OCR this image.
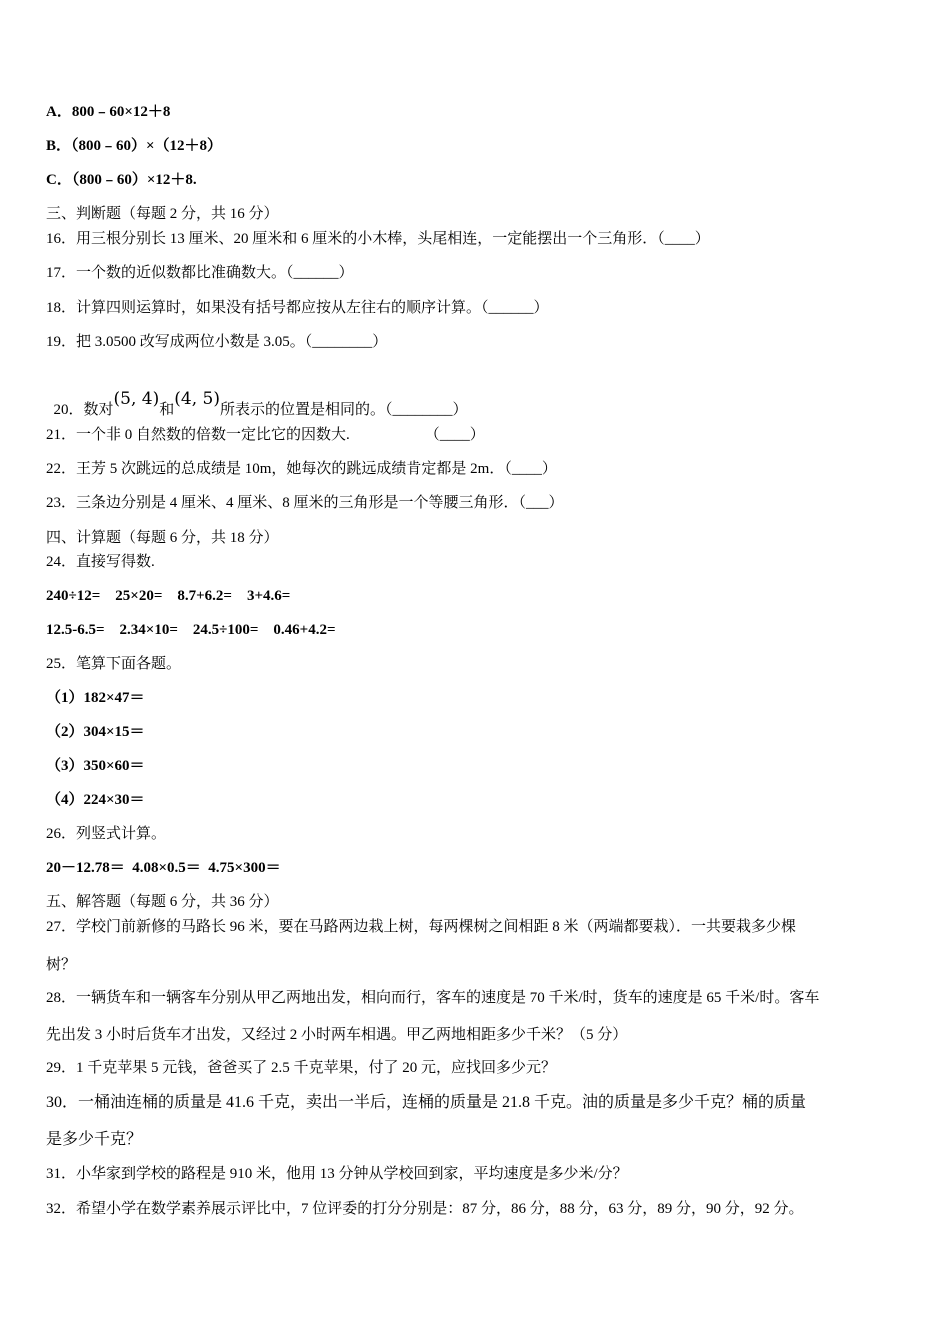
A．800﹣60×12＋8
B．（800﹣60）×（12＋8）
C．（800﹣60）×12＋8.
三、判断题（每题 2 分，共 16 分）
16．用三根分别长 13 厘米、20 厘米和 6 厘米的小木棒，头尾相连，一定能摆出一个三角形．（____）
17．一个数的近似数都比准确数大。（______）
18．计算四则运算时，如果没有括号都应按从左往右的顺序计算。（______）
19．把 3.0500 改写成两位小数是 3.05。（________）

20．数对(5, 4)和(4, 5)所表示的位置是相同的。（________）

21．一个非 0 自然数的倍数一定比它的因数大.                    （____）
22．王芳 5 次跳远的总成绩是 10m，她每次的跳远成绩肯定都是 2m．（____）
23．三条边分别是 4 厘米、4 厘米、8 厘米的三角形是一个等腰三角形．（___）
四、计算题（每题 6 分，共 18 分）
24．直接写得数.
240÷12=    25×20=    8.7+6.2=    3+4.6=
12.5-6.5=    2.34×10=    24.5÷100=    0.46+4.2=
25．笔算下面各题。
（1）182×47＝
（2）304×15＝
（3）350×60＝
（4）224×30＝
26．列竖式计算。
20－12.78＝  4.08×0.5＝  4.75×300＝
五、解答题（每题 6 分，共 36 分）
27．学校门前新修的马路长 96 米，要在马路两边栽上树，每两棵树之间相距 8 米（两端都要栽）．一共要栽多少棵
树？
28．一辆货车和一辆客车分别从甲乙两地出发，相向而行，客车的速度是 70 千米/时，货车的速度是 65 千米/时。客车
先出发 3 小时后货车才出发，又经过 2 小时两车相遇。甲乙两地相距多少千米？（5 分）
29．1 千克苹果 5 元钱，爸爸买了 2.5 千克苹果，付了 20 元，应找回多少元？
30．一桶油连桶的质量是 41.6 千克，卖出一半后，连桶的质量是 21.8 千克。油的质量是多少千克？桶的质量
是多少千克？
31．小华家到学校的路程是 910 米，他用 13 分钟从学校回到家，平均速度是多少米/分？
32．希望小学在数学素养展示评比中，7 位评委的打分分别是：87 分，86 分，88 分，63 分，89 分，90 分，92 分。
